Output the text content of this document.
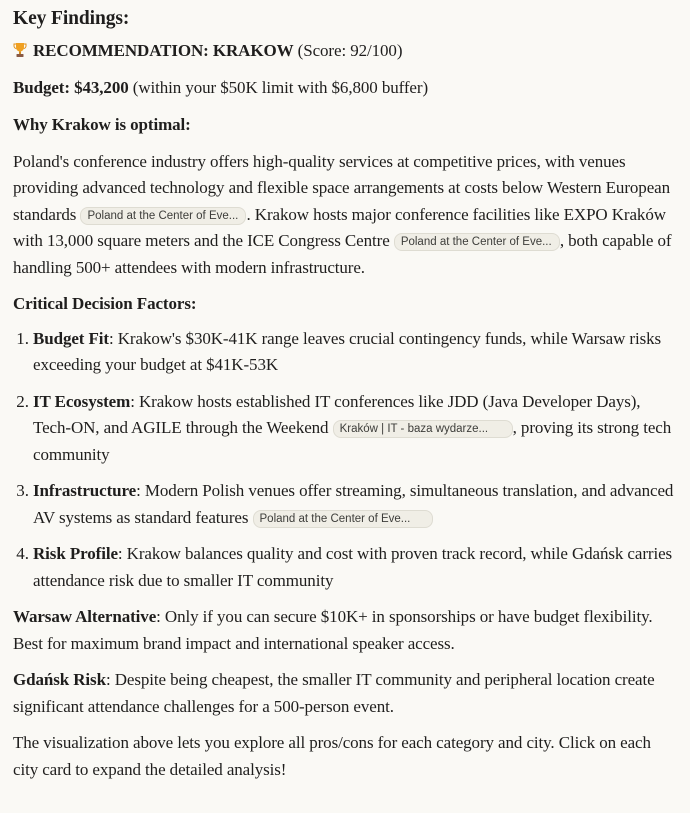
Key Findings:

RECOMMENDATION: KRAKOW (Score: 92/100)

Budget: $43,200 (within your $50K limit with $6,800 buffer)

Why Krakow is optimal:

Poland's conference industry offers high-quality services at competitive prices, with venues providing advanced technology and flexible space arrangements at costs below Western European standards Poland at the Center of Eve... . Krakow hosts major conference facilities like EXPO Kraków with 13,000 square meters and the ICE Congress Centre Poland at the Center of Eve... , both capable of handling 500+ attendees with modern infrastructure.

Critical Decision Factors:

1. Budget Fit: Krakow's $30K-41K range leaves crucial contingency funds, while Warsaw risks exceeding your budget at $41K-53K
2. IT Ecosystem: Krakow hosts established IT conferences like JDD (Java Developer Days), Tech-ON, and AGILE through the Weekend Kraków | IT - baza wydarze... , proving its strong tech community
3. Infrastructure: Modern Polish venues offer streaming, simultaneous translation, and advanced AV systems as standard features Poland at the Center of Eve...
4. Risk Profile: Krakow balances quality and cost with proven track record, while Gdańsk carries attendance risk due to smaller IT community

Warsaw Alternative: Only if you can secure $10K+ in sponsorships or have budget flexibility. Best for maximum brand impact and international speaker access.

Gdańsk Risk: Despite being cheapest, the smaller IT community and peripheral location create significant attendance challenges for a 500-person event.

The visualization above lets you explore all pros/cons for each category and city. Click on each city card to expand the detailed analysis!
